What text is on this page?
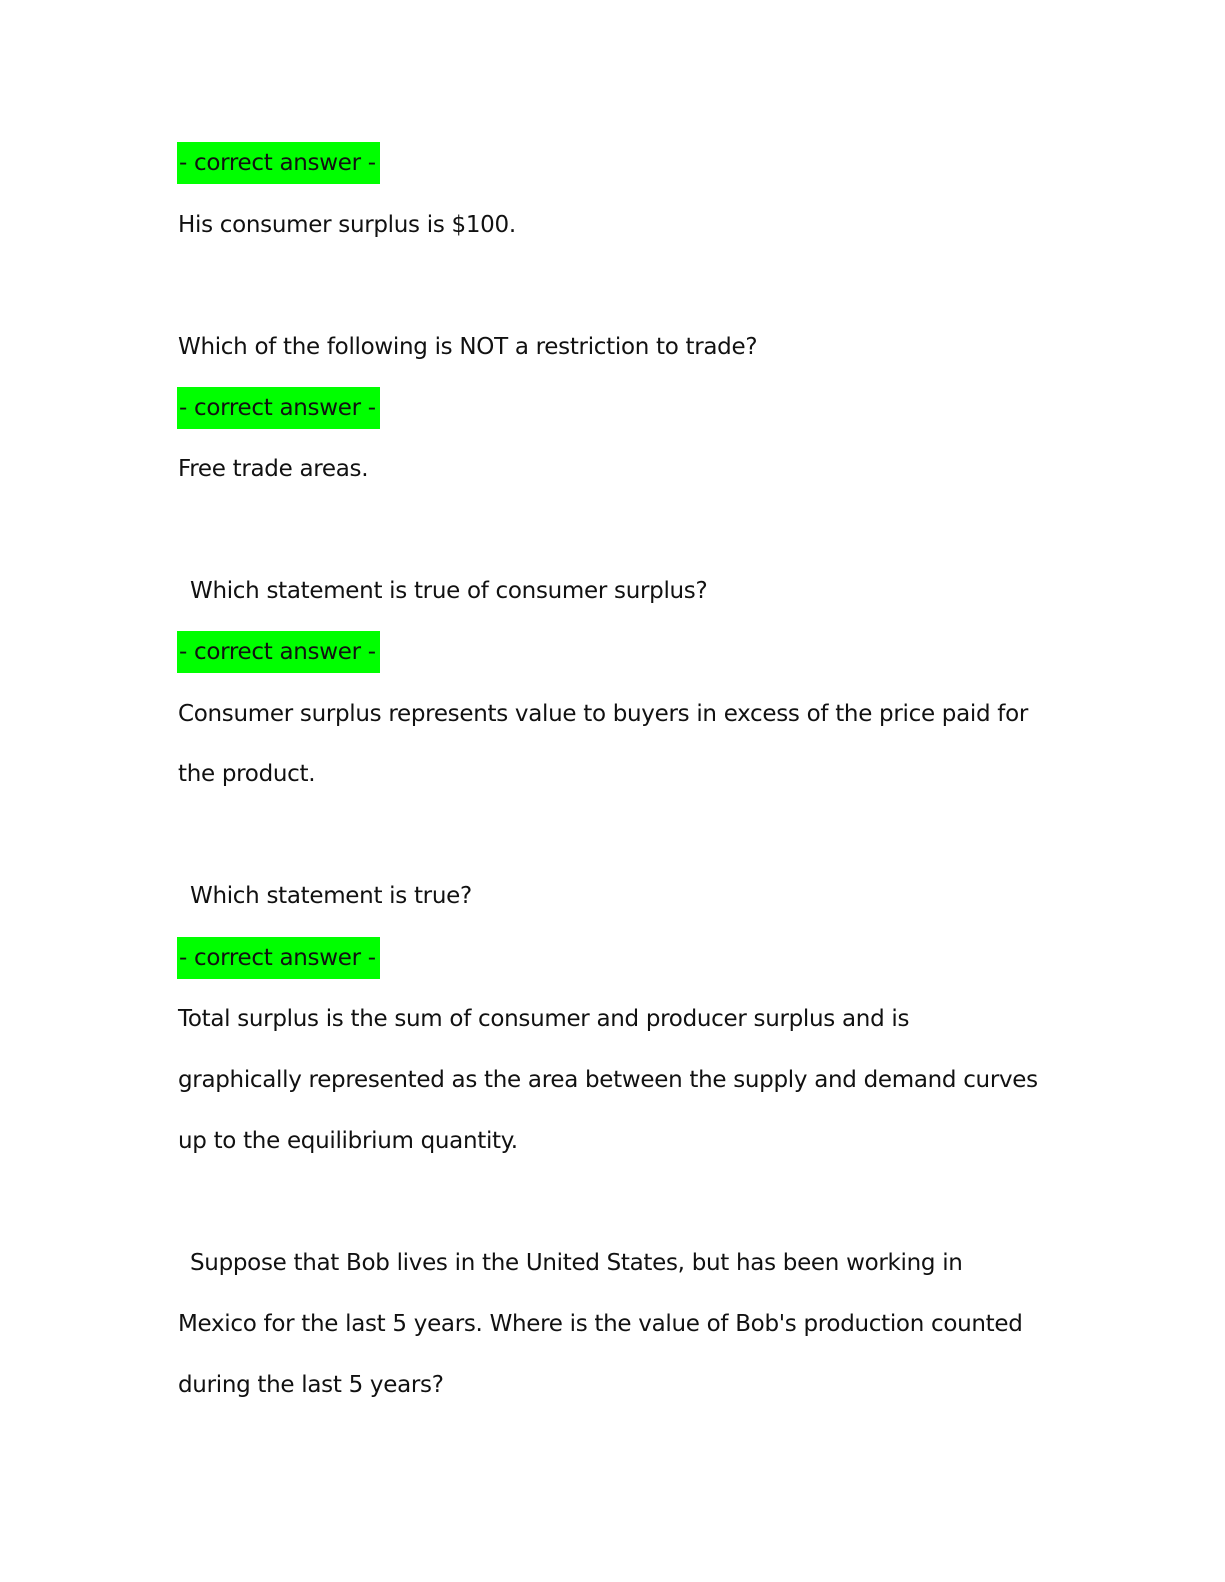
- correct answer -
His consumer surplus is $100.
Which of the following is NOT a restriction to trade?
- correct answer -
Free trade areas.
Which statement is true of consumer surplus?
- correct answer -
Consumer surplus represents value to buyers in excess of the price paid for
the product.
Which statement is true?
- correct answer -
Total surplus is the sum of consumer and producer surplus and is
graphically represented as the area between the supply and demand curves
up to the equilibrium quantity.
Suppose that Bob lives in the United States, but has been working in
Mexico for the last 5 years. Where is the value of Bob's production counted
during the last 5 years?
